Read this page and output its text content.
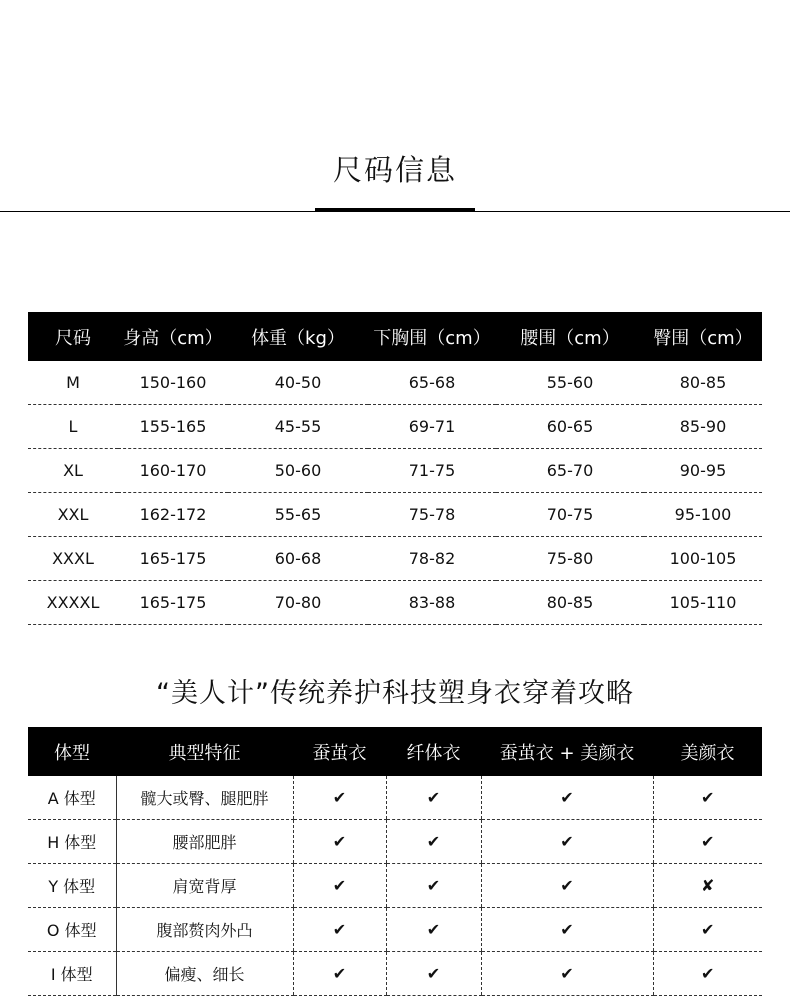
尺码信息
尺码	身高（cm）	体重（kg）	下胸围（cm）	腰围（cm）	臀围（cm）
M	150-160	40-50	65-68	55-60	80-85
L	155-165	45-55	69-71	60-65	85-90
XL	160-170	50-60	71-75	65-70	90-95
XXL	162-172	55-65	75-78	70-75	95-100
XXXL	165-175	60-68	78-82	75-80	100-105
XXXXL	165-175	70-80	83-88	80-85	105-110
“美人计”传统养护科技塑身衣穿着攻略
体型	典型特征	蚕茧衣	纤体衣	蚕茧衣 + 美颜衣	美颜衣
A 体型	髋大或臀、腿肥胖	✔	✔	✔	✔
H 体型	腰部肥胖	✔	✔	✔	✔
Y 体型	肩宽背厚	✔	✔	✔	✘
O 体型	腹部赘肉外凸	✔	✔	✔	✔
I 体型	偏瘦、细长	✔	✔	✔	✔
